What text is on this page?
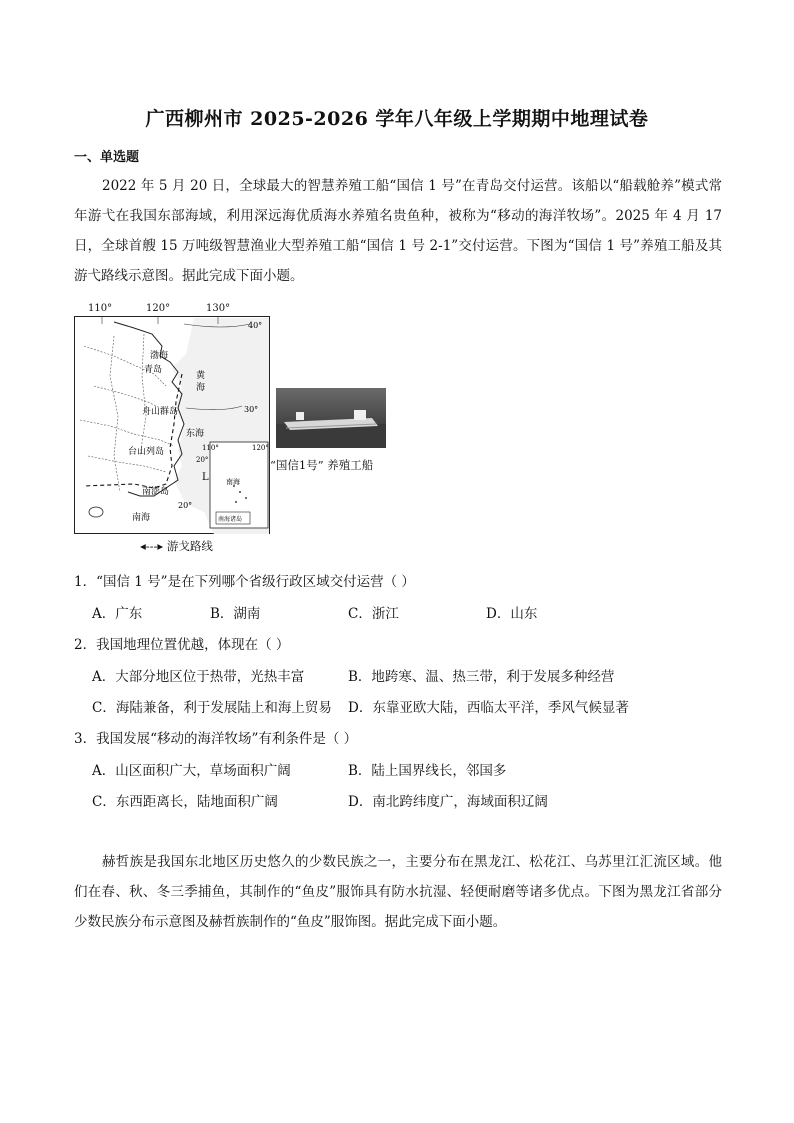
广西柳州市 2025-2026 学年八年级上学期期中地理试卷
一、单选题
2022 年 5 月 20 日，全球最大的智慧养殖工船“国信 1 号”在青岛交付运营。该船以“船载舱养”模式常年游弋在我国东部海域，利用深远海优质海水养殖名贵鱼种，被称为“移动的海洋牧场”。2025 年 4 月 17 日，全球首艘 15 万吨级智慧渔业大型养殖工船“国信 1 号 2-1”交付运营。下图为“国信 1 号”养殖工船及其游弋路线示意图。据此完成下面小题。
渤海
青岛
黄
海
舟山群岛
东海
台山列岛
南澎岛
南海
40°
30°
20°
110°	120°
20°
L 南海
南海诸岛
110°	120°	130°
◂-‐-▸ 游戈路线
“国信1号” 养殖工船
1．“国信 1 号”是在下列哪个省级行政区域交付运营（ ）
A．广东	B．湖南	C．浙江	D．山东
2．我国地理位置优越，体现在（ ）
A．大部分地区位于热带，光热丰富	B．地跨寒、温、热三带，利于发展多种经营
C．海陆兼备，利于发展陆上和海上贸易 D．东靠亚欧大陆，西临太平洋，季风气候显著
3．我国发展“移动的海洋牧场”有利条件是（ ）
A．山区面积广大，草场面积广阔	B．陆上国界线长，邻国多
C．东西距离长，陆地面积广阔	D．南北跨纬度广，海域面积辽阔
赫哲族是我国东北地区历史悠久的少数民族之一，主要分布在黑龙江、松花江、乌苏里江汇流区域。他们在春、秋、冬三季捕鱼，其制作的“鱼皮”服饰具有防水抗湿、轻便耐磨等诸多优点。下图为黑龙江省部分少数民族分布示意图及赫哲族制作的“鱼皮”服饰图。据此完成下面小题。
